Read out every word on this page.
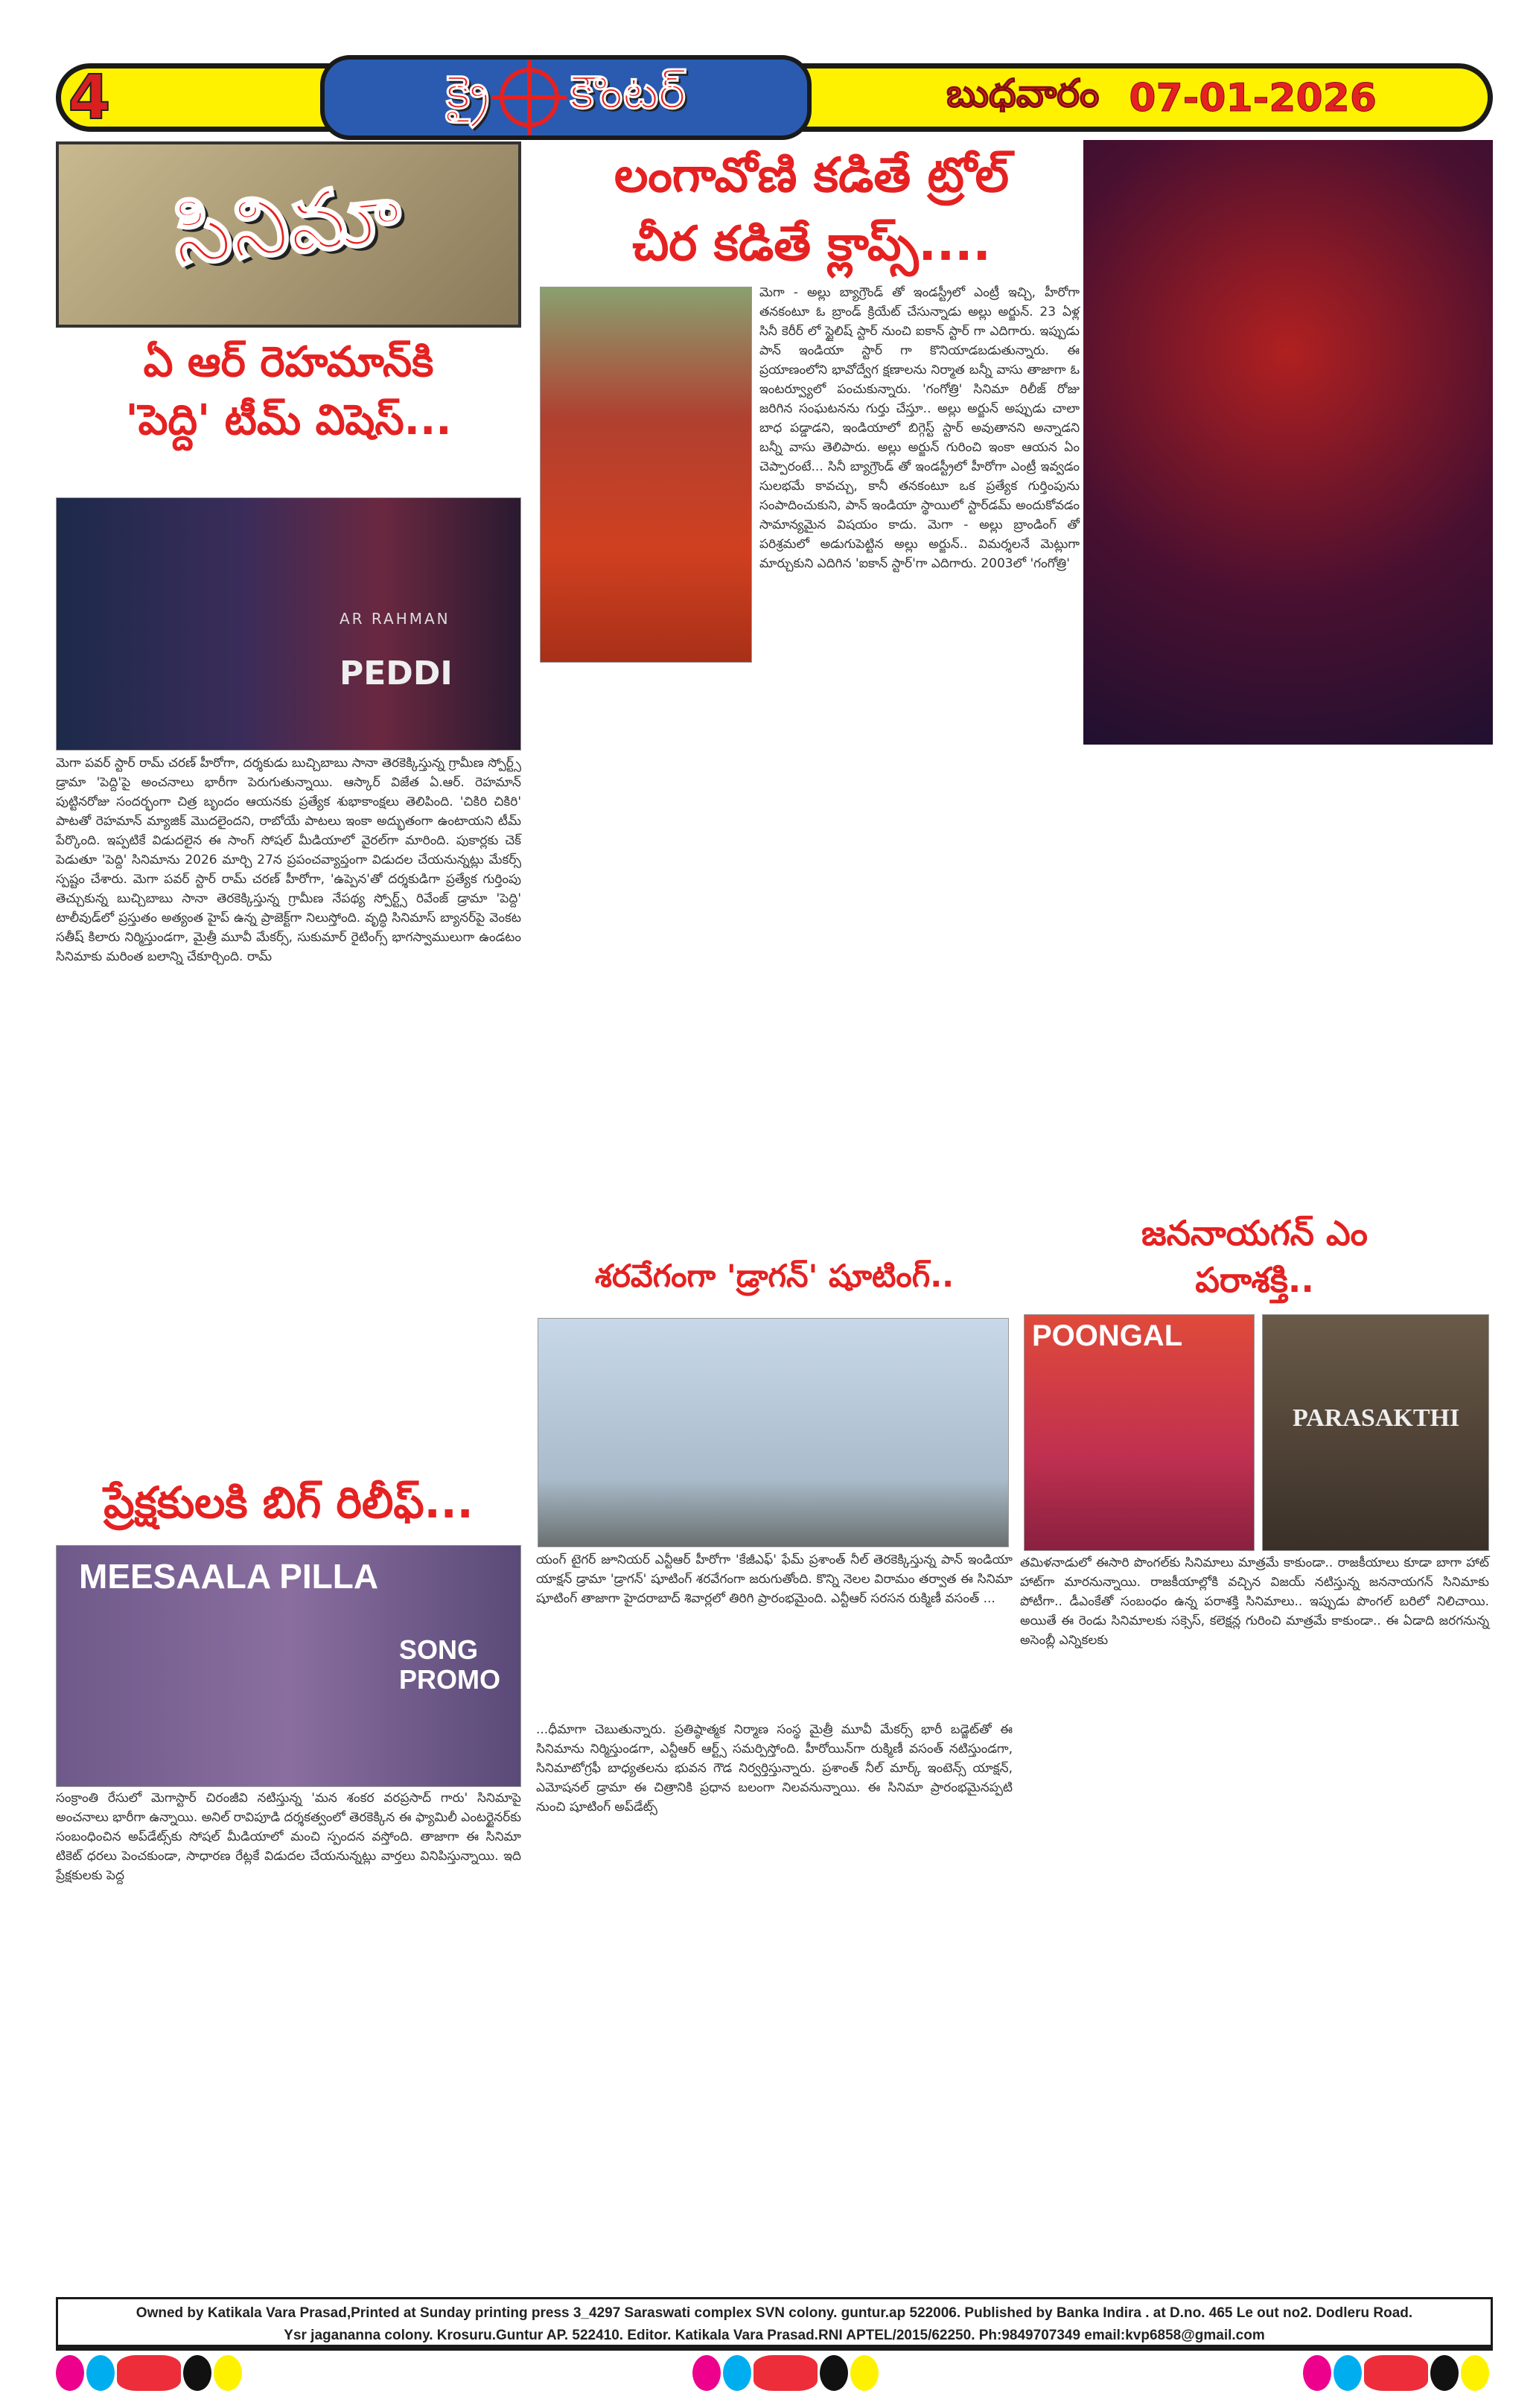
4	క్రై కౌంటర్	బుధవారం 07-01-2026
సినిమా
ఏ ఆర్ రెహమాన్‌కి
'పెద్ది' టీమ్ విషెస్...
AR RAHMAN
PEDDI

మెగా పవర్ స్టార్ రామ్ చరణ్ హీరోగా, దర్శకుడు బుచ్చిబాబు సానా తెరకెక్కిస్తున్న గ్రామీణ స్పోర్ట్స్ డ్రామా 'పెద్ది'పై అంచనాలు భారీగా పెరుగుతున్నాయి. ఆస్కార్ విజేత ఏ.ఆర్. రెహమాన్ పుట్టినరోజు సందర్భంగా చిత్ర బృందం ఆయనకు ప్రత్యేక శుభాకాంక్షలు తెలిపింది. 'చికిరి చికిరి' పాటతో రెహమాన్ మ్యాజిక్ మొదలైందని, రాబోయే పాటలు ఇంకా అద్భుతంగా ఉంటాయని టీమ్ పేర్కొంది. ఇప్పటికే విడుదలైన ఈ సాంగ్ సోషల్ మీడియాలో వైరల్‌గా మారింది. పుకార్లకు చెక్ పెడుతూ 'పెద్ది' సినిమాను 2026 మార్చి 27న ప్రపంచవ్యాప్తంగా విడుదల చేయనున్నట్లు మేకర్స్ స్పష్టం చేశారు. మెగా పవర్ స్టార్ రామ్ చరణ్ హీరోగా, 'ఉప్పెన'తో దర్శకుడిగా ప్రత్యేక గుర్తింపు తెచ్చుకున్న బుచ్చిబాబు సానా తెరకెక్కిస్తున్న గ్రామీణ నేపథ్య స్పోర్ట్స్ రివేంజ్ డ్రామా 'పెద్ది' టాలీవుడ్‌లో ప్రస్తుతం అత్యంత హైప్ ఉన్న ప్రాజెక్ట్‌గా నిలుస్తోంది. వృద్ధి సినిమాస్ బ్యానర్‌పై వెంకట సతీష్ కిలారు నిర్మిస్తుండగా, మైత్రీ మూవీ మేకర్స్, సుకుమార్ రైటింగ్స్ భాగస్వాములుగా ఉండటం సినిమాకు మరింత బలాన్ని చేకూర్చింది. రామ్

ప్రేక్షకులకి బిగ్ రిలీఫ్...
MEESAALA PILLA
SONG PROMO

సంక్రాంతి రేసులో మెగాస్టార్ చిరంజీవి నటిస్తున్న 'మన శంకర వరప్రసాద్ గారు' సినిమాపై అంచనాలు భారీగా ఉన్నాయి. అనిల్ రావిపూడి దర్శకత్వంలో తెరకెక్కిన ఈ ఫ్యామిలీ ఎంటర్టైనర్‌కు సంబంధించిన అప్‌డేట్స్‌కు సోషల్ మీడియాలో మంచి స్పందన వస్తోంది. తాజాగా ఈ సినిమా టికెట్ ధరలు పెంచకుండా, సాధారణ రేట్లకే విడుదల చేయనున్నట్లు వార్తలు వినిపిస్తున్నాయి. ఇది ప్రేక్షకులకు పెద్ద

లంగావోణి కడితే ట్రోల్
చీర కడితే క్లాప్స్....

మెగా - అల్లు బ్యాగ్రౌండ్ తో ఇండస్ట్రీలో ఎంట్రీ ఇచ్చి, హీరోగా తనకంటూ ఓ బ్రాండ్ క్రియేట్ చేసున్నాడు అల్లు అర్జున్. 23 ఏళ్ల సినీ కెరీర్ లో స్టైలిష్ స్టార్ నుంచి ఐకాన్ స్టార్ గా ఎదిగారు. ఇప్పుడు పాన్ ఇండియా స్టార్ గా కొనియాడబడుతున్నారు. ఈ ప్రయాణంలోని భావోద్వేగ క్షణాలను నిర్మాత బన్నీ వాసు తాజాగా ఓ ఇంటర్వ్యూలో పంచుకున్నారు. 'గంగోత్రి' సినిమా రిలీజ్ రోజు జరిగిన సంఘటనను గుర్తు చేస్తూ.. అల్లు అర్జున్ అప్పుడు చాలా బాధ పడ్డాడని, ఇండియాలో బిగ్గెస్ట్ స్టార్ అవుతానని అన్నాడని బన్నీ వాసు తెలిపారు. అల్లు అర్జున్ గురించి ఇంకా ఆయన ఏం చెప్పారంటే... సినీ బ్యాగ్రౌండ్ తో ఇండస్ట్రీలో హీరోగా ఎంట్రీ ఇవ్వడం సులభమే కావచ్చు, కానీ తనకంటూ ఒక ప్రత్యేక గుర్తింపును సంపాదించుకుని, పాన్ ఇండియా స్థాయిలో స్టార్‌డమ్ అందుకోవడం సామాన్యమైన విషయం కాదు. మెగా - అల్లు బ్రాండింగ్ తో పరిశ్రమలో అడుగుపెట్టిన అల్లు అర్జున్.. విమర్శలనే మెట్లుగా మార్చుకుని ఎదిగిన 'ఐకాన్ స్టార్'గా ఎదిగారు. 2003లో 'గంగోత్రి'

శరవేగంగా 'డ్రాగన్' షూటింగ్..

యంగ్ టైగర్ జూనియర్ ఎన్టీఆర్ హీరోగా 'కేజీఎఫ్' ఫేమ్ ప్రశాంత్ నీల్ తెరకెక్కిస్తున్న పాన్ ఇండియా యాక్షన్ డ్రామా 'డ్రాగన్' షూటింగ్ శరవేగంగా జరుగుతోంది. కొన్ని నెలల విరామం తర్వాత ఈ సినిమా షూటింగ్ తాజాగా హైదరాబాద్ శివార్లలో తిరిగి ప్రారంభమైంది. ఎన్టీఆర్ సరసన రుక్మిణీ వసంత్ ...

...ధీమాగా చెబుతున్నారు. ప్రతిష్ఠాత్మక నిర్మాణ సంస్థ మైత్రీ మూవీ మేకర్స్ భారీ బడ్జెట్‌తో ఈ సినిమాను నిర్మిస్తుండగా, ఎన్టీఆర్ ఆర్ట్స్ సమర్పిస్తోంది. హీరోయిన్‌గా రుక్మిణీ వసంత్ నటిస్తుండగా, సినిమాటోగ్రఫీ బాధ్యతలను భువన గౌడ నిర్వర్తిస్తున్నారు. ప్రశాంత్ నీల్ మార్క్ ఇంటెన్స్ యాక్షన్, ఎమోషనల్ డ్రామా ఈ చిత్రానికి ప్రధాన బలంగా నిలవనున్నాయి. ఈ సినిమా ప్రారంభమైనప్పటి నుంచి షూటింగ్ అప్‌డేట్స్

జననాయగన్ ఎం
పరాశక్తి..
POONGAL
PARASAKTHI

తమిళనాడులో ఈసారి పొంగల్‌కు సినిమాలు మాత్రమే కాకుండా.. రాజకీయాలు కూడా బాగా హాట్ హాట్‌గా మారనున్నాయి. రాజకీయాల్లోకి వచ్చిన విజయ్ నటిస్తున్న జననాయగన్ సినిమాకు పోటీగా.. డీఎంకేతో సంబంధం ఉన్న పరాశక్తి సినిమాలు.. ఇప్పుడు పొంగల్ బరిలో నిలిచాయి. అయితే ఈ రెండు సినిమాలకు సక్సెస్, కలెక్షన్ల గురించి మాత్రమే కాకుండా.. ఈ ఏడాది జరగనున్న అసెంబ్లీ ఎన్నికలకు

Owned by Katikala Vara Prasad,Printed at Sunday printing press 3_4297 Saraswati complex SVN colony. guntur.ap 522006. Published by Banka Indira . at D.no. 465 Le out no2. Dodleru Road.
Ysr jagananna colony. Krosuru.Guntur AP. 522410. Editor. Katikala Vara Prasad.RNI APTEL/2015/62250. Ph:9849707349 email:kvp6858@gmail.com
